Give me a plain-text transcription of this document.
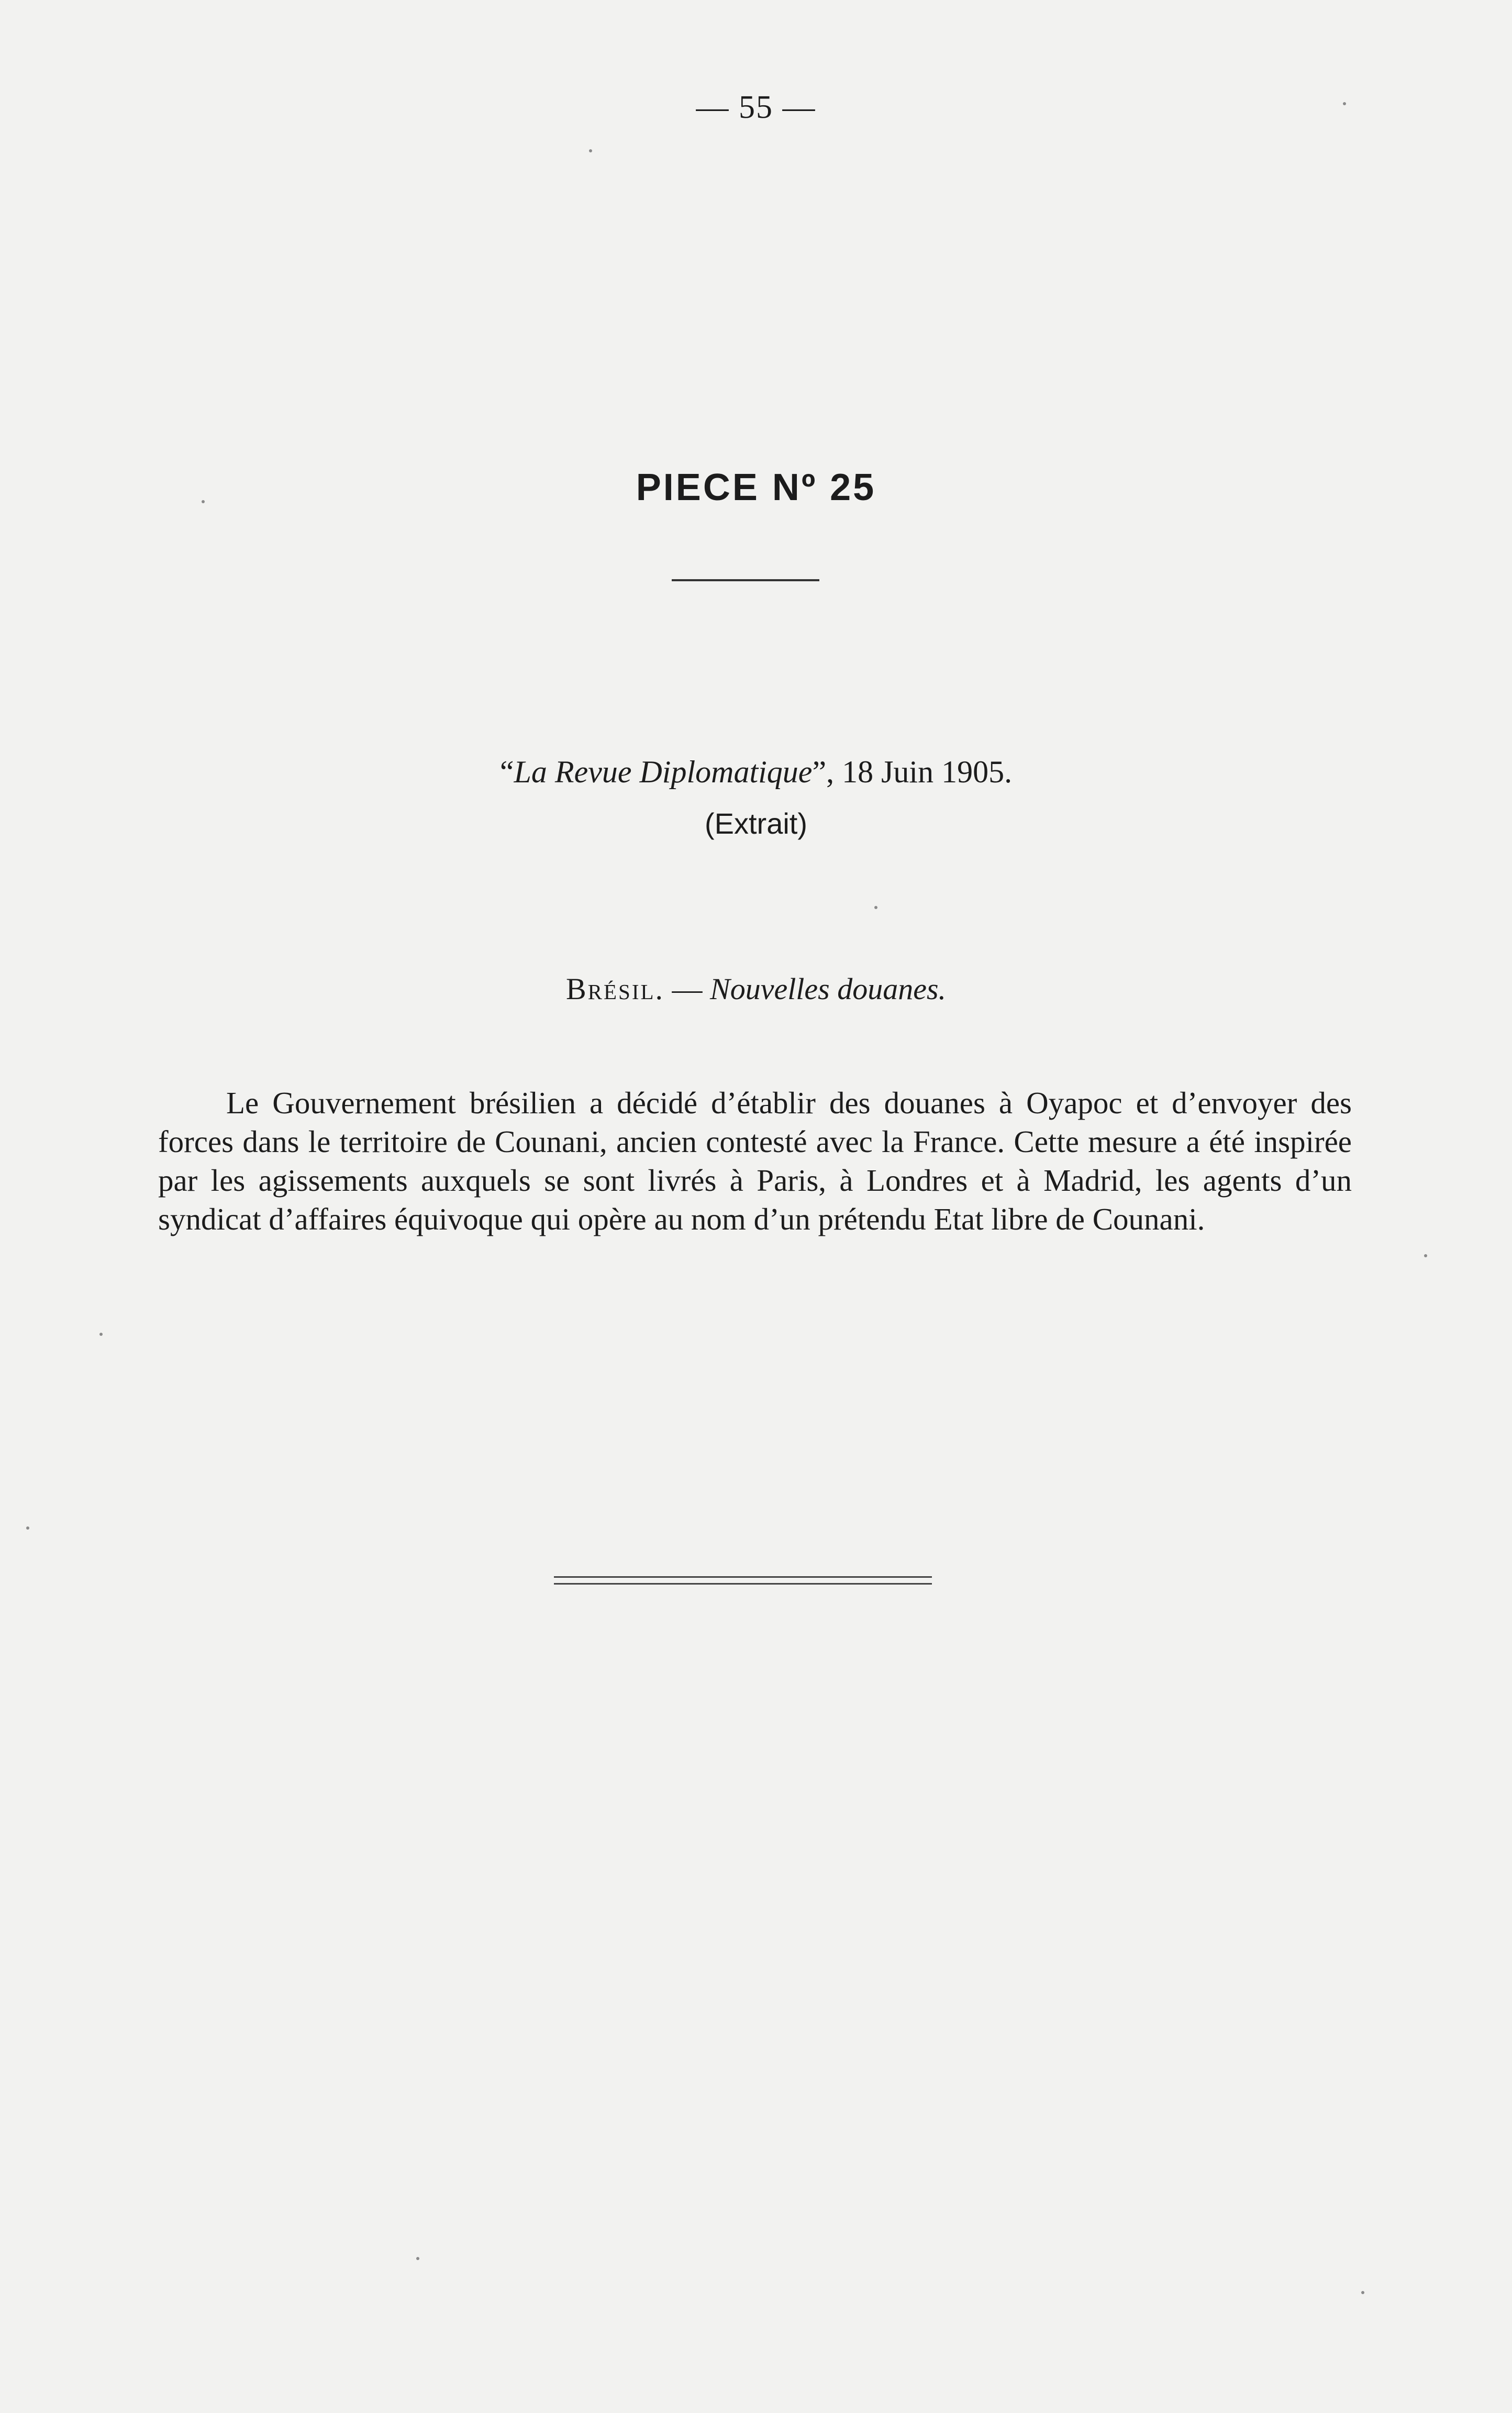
— 55 —
PIECE Nº 25
“La Revue Diplomatique”, 18 Juin 1905.
(Extrait)
Brésil. — Nouvelles douanes.

Le Gouvernement brésilien a décidé d’établir des douanes à Oyapoc et d’envoyer des forces dans le territoire de Counani, ancien contesté avec la France. Cette mesure a été inspirée par les agissements auxquels se sont livrés à Paris, à Londres et à Madrid, les agents d’un syndicat d’affaires équivoque qui opère au nom d’un prétendu Etat libre de Counani.
